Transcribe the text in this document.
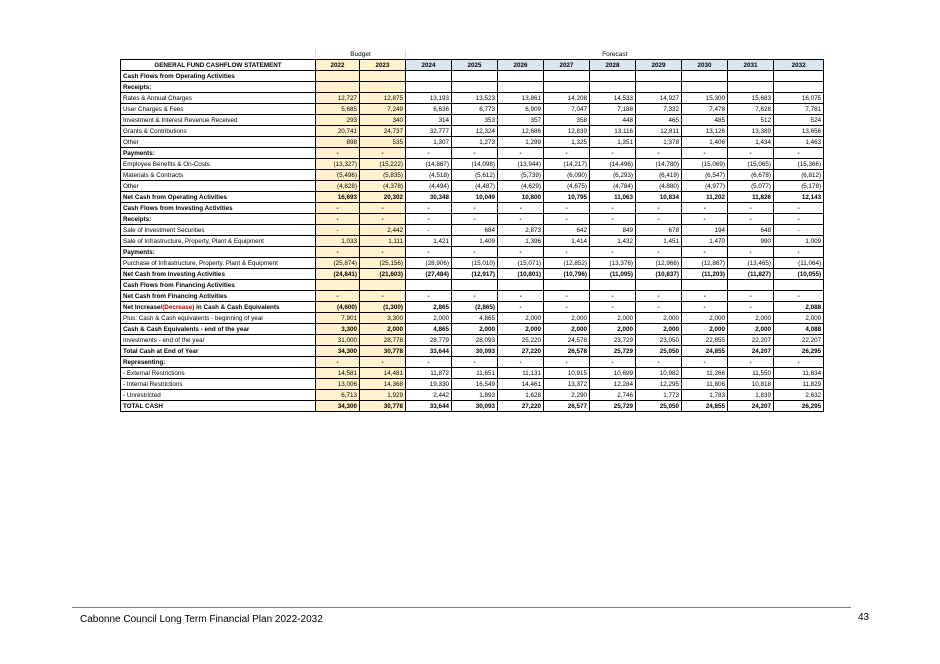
	Budget		Forecast								
GENERAL FUND CASHFLOW STATEMENT	2022	2023	2024	2025	2026	2027	2028	2029	2030	2031	2032
Cash Flows from Operating Activities											
Receipts:											
Rates & Annual Charges	12,727	12,875	13,193	13,523	13,861	14,208	14,533	14,927	15,300	15,683	16,075
User Charges & Fees	5,685	7,249	6,636	6,773	6,909	7,047	7,188	7,332	7,478	7,628	7,781
Investment & Interest Revenue Received	293	340	314	353	357	358	448	465	485	512	524
Grants & Contributions	20,741	24,737	32,777	12,324	12,686	12,839	13,116	12,811	13,126	13,389	13,656
Other	898	535	1,307	1,273	1,299	1,325	1,351	1,378	1,406	1,434	1,463
Payments:	-	-	-	-	-	-	-	-	-	-	-
Employee Benefits & On-Costs	(13,327)	(15,222)	(14,867)	(14,098)	(13,944)	(14,217)	(14,496)	(14,780)	(15,069)	(15,065)	(15,366)
Materials & Contracts	(5,496)	(5,835)	(4,518)	(5,612)	(5,739)	(6,090)	(6,293)	(6,419)	(6,547)	(6,678)	(6,812)
Other	(4,828)	(4,378)	(4,494)	(4,487)	(4,629)	(4,675)	(4,784)	(4,880)	(4,977)	(5,077)	(5,178)
Net Cash from Operating Activities	16,693	20,302	30,348	10,049	10,800	10,795	11,063	10,834	11,202	11,826	12,143
Cash Flows from Investing Activities	-	-	-	-	-	-	-	-	-	-	-
Receipts:	-	-	-	-	-	-	-	-	-	-	-
Sale of Investment Securities	-	2,442	-	684	2,873	642	849	678	194	648	-
Sale of Infrastructure, Property, Plant & Equipment	1,033	1,111	1,421	1,409	1,396	1,414	1,432	1,451	1,470	990	1,009
Payments:	-	-	-	-	-	-	-	-	-	-	-
Purchase of Infrastructure, Property, Plant & Equipment	(25,874)	(25,156)	(28,906)	(15,010)	(15,071)	(12,852)	(13,376)	(12,966)	(12,867)	(13,465)	(11,064)
Net Cash from Investing Activities	(24,841)	(21,603)	(27,484)	(12,917)	(10,801)	(10,796)	(11,095)	(10,837)	(11,203)	(11,827)	(10,055)
Cash Flows from Financing Activities											
Net Cash from Financing Activities	-	-	-	-	-	-	-	-	-	-	-
Net Increase/(Decrease) in Cash & Cash Equivalents	(4,600)	(1,300)	2,865	(2,865)	-	-	-	-	-	-	2,088
Plus: Cash & Cash equivalents - beginning of year	7,901	3,300	2,000	4,865	2,000	2,000	2,000	2,000	2,000	2,000	2,000
Cash & Cash Equivalents - end of the year	3,300	2,000	4,865	2,000	2,000	2,000	2,000	2,000	2,000	2,000	4,088
Investments - end of the year	31,000	28,778	28,779	28,093	25,220	24,578	23,729	23,050	22,855	22,207	22,207
Total Cash at End of Year	34,300	30,778	33,644	30,093	27,220	26,578	25,729	25,050	24,855	24,207	26,295
Representing:	-	-	-	-	-	-	-	-	-	-	-
- External Restrictions	14,581	14,481	11,872	11,651	11,131	10,915	10,699	10,982	11,266	11,550	11,834
- Internal Restrictions	13,006	14,368	19,330	16,549	14,461	13,372	12,284	12,295	11,806	10,818	11,829
- Unrestricted	6,713	1,929	2,442	1,893	1,628	2,290	2,746	1,773	1,783	1,839	2,632
TOTAL CASH	34,300	30,778	33,644	30,093	27,220	26,577	25,729	25,050	24,855	24,207	26,295
Cabonne Council Long Term Financial Plan 2022-2032	43
